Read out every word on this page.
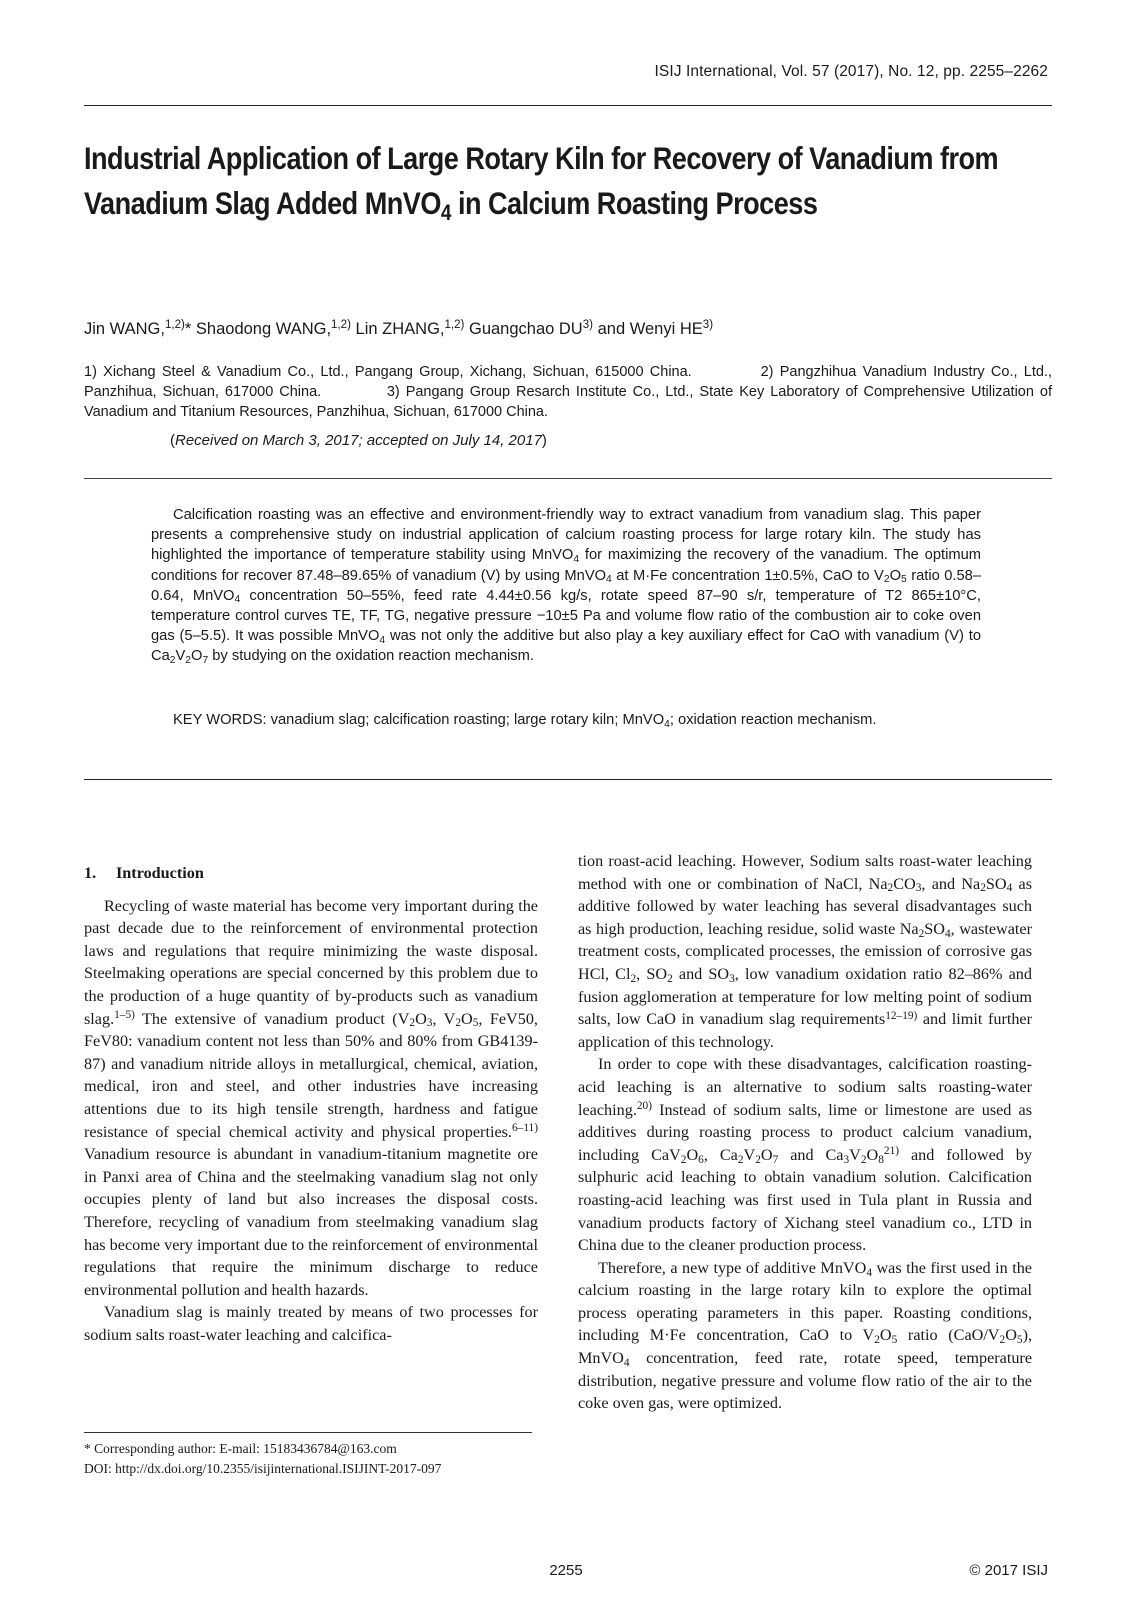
ISIJ International, Vol. 57 (2017), No. 12, pp. 2255–2262
Industrial Application of Large Rotary Kiln for Recovery of Vanadium from Vanadium Slag Added MnVO$_4$ in Calcium Roasting Process
Jin WANG,$^{1,2)}$* Shaodong WANG,$^{1,2)}$ Lin ZHANG,$^{1,2)}$ Guangchao DU$^{3)}$ and Wenyi HE$^{3)}$
1) Xichang Steel & Vanadium Co., Ltd., Pangang Group, Xichang, Sichuan, 615000 China.	2) Pangzhihua Vanadium Industry Co., Ltd., Panzhihua, Sichuan, 617000 China.	3) Pangang Group Resarch Institute Co., Ltd., State Key Laboratory of Comprehensive Utilization of Vanadium and Titanium Resources, Panzhihua, Sichuan, 617000 China.
(Received on March 3, 2017; accepted on July 14, 2017)

Calcification roasting was an effective and environment-friendly way to extract vanadium from vanadium slag. This paper presents a comprehensive study on industrial application of calcium roasting process for large rotary kiln. The study has highlighted the importance of temperature stability using MnVO$_4$ for maximizing the recovery of the vanadium. The optimum conditions for recover 87.48–89.65% of vanadium (V) by using MnVO$_4$ at M·Fe concentration 1±0.5%, CaO to $V_2O_5$ ratio 0.58–0.64, MnVO$_4$ concentration 50–55%, feed rate 4.44±0.56 kg/s, rotate speed 87–90 s/r, temperature of T2 865±10°C, temperature control curves TE, TF, TG, negative pressure −10±5 Pa and volume flow ratio of the combustion air to coke oven gas (5–5.5). It was possible MnVO$_4$ was not only the additive but also play a key auxiliary effect for CaO with vanadium (V) to $Ca_2V_2O_7$ by studying on the oxidation reaction mechanism.

KEY WORDS: vanadium slag; calcification roasting; large rotary kiln; MnVO$_4$; oxidation reaction mechanism.

1. Introduction

Recycling of waste material has become very important during the past decade due to the reinforcement of environmental protection laws and regulations that require minimizing the waste disposal. Steelmaking operations are special concerned by this problem due to the production of a huge quantity of by-products such as vanadium slag.$^{1-5)}$ The extensive of vanadium product ($V_2O_3$, $V_2O_5$, FeV50, FeV80: vanadium content not less than 50% and 80% from GB4139-87) and vanadium nitride alloys in metallurgical, chemical, aviation, medical, iron and steel, and other industries have increasing attentions due to its high tensile strength, hardness and fatigue resistance of special chemical activity and physical properties.$^{6-11)}$ Vanadium resource is abundant in vanadium-titanium magnetite ore in Panxi area of China and the steelmaking vanadium slag not only occupies plenty of land but also increases the disposal costs. Therefore, recycling of vanadium from steelmaking vanadium slag has become very important due to the reinforcement of environmental regulations that require the minimum discharge to reduce environmental pollution and health hazards.

Vanadium slag is mainly treated by means of two processes for sodium salts roast-water leaching and calcifica-

tion roast-acid leaching. However, Sodium salts roast-water leaching method with one or combination of NaCl, $Na_2CO_3$, and $Na_2SO_4$ as additive followed by water leaching has several disadvantages such as high production, leaching residue, solid waste $Na_2SO_4$, wastewater treatment costs, complicated processes, the emission of corrosive gas HCl, $Cl_2$, $SO_2$ and $SO_3$, low vanadium oxidation ratio 82–86% and fusion agglomeration at temperature for low melting point of sodium salts, low CaO in vanadium slag requirements$^{12-19)}$ and limit further application of this technology.

In order to cope with these disadvantages, calcification roasting-acid leaching is an alternative to sodium salts roasting-water leaching.$^{20)}$ Instead of sodium salts, lime or limestone are used as additives during roasting process to product calcium vanadium, including $CaV_2O_6$, $Ca_2V_2O_7$ and $Ca_3V_2O_8^{21)}$ and followed by sulphuric acid leaching to obtain vanadium solution. Calcification roasting-acid leaching was first used in Tula plant in Russia and vanadium products factory of Xichang steel vanadium co., LTD in China due to the cleaner production process.

Therefore, a new type of additive MnVO$_4$ was the first used in the calcium roasting in the large rotary kiln to explore the optimal process operating parameters in this paper. Roasting conditions, including M·Fe concentration, CaO to $V_2O_5$ ratio $(CaO/V_2O_5)$, MnVO$_4$ concentration, feed rate, rotate speed, temperature distribution, negative pressure and volume flow ratio of the air to the coke oven gas, were optimized.

* Corresponding author: E-mail: 15183436784@163.com
DOI: http://dx.doi.org/10.2355/isijinternational.ISIJINT-2017-097
2255	© 2017 ISIJ
